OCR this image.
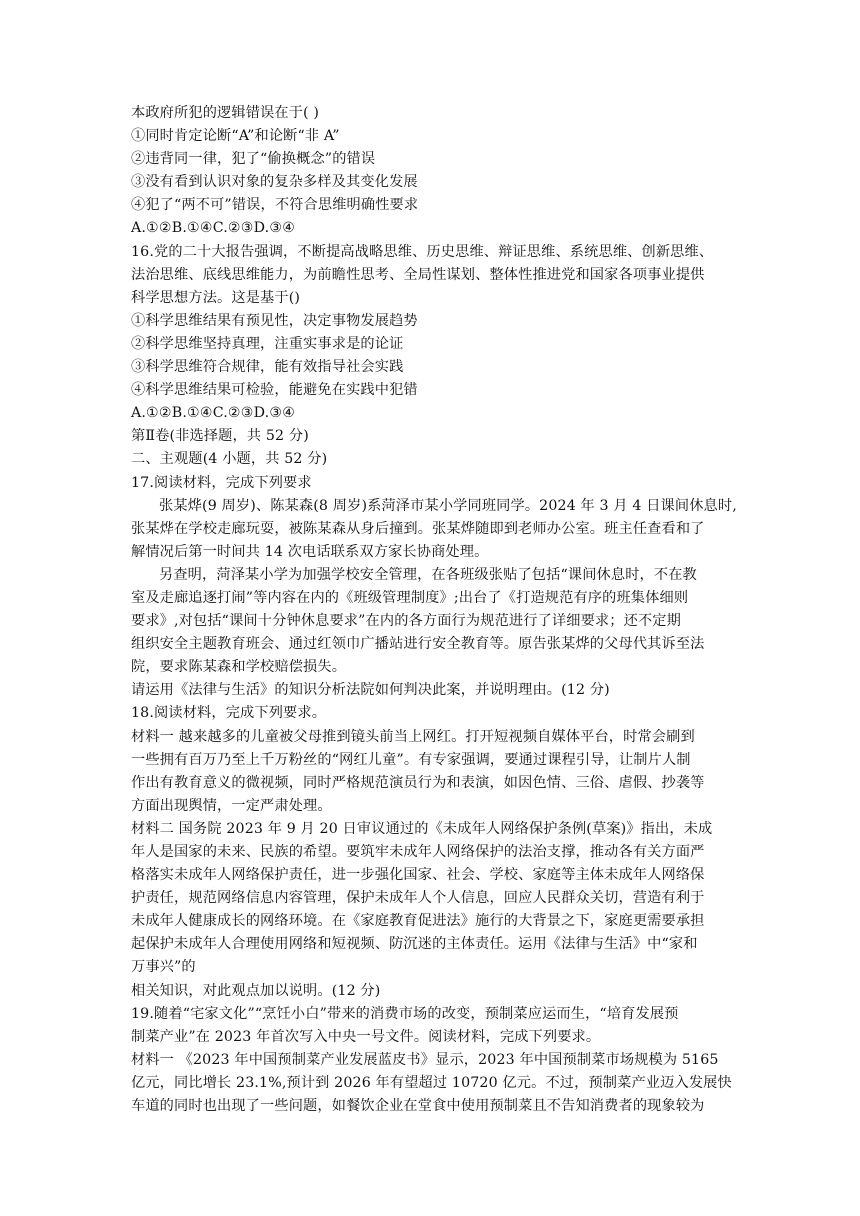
本政府所犯的逻辑错误在于( )
①同时肯定论断“A”和论断“非 A”
②违背同一律，犯了“偷换概念”的错误
③没有看到认识对象的复杂多样及其变化发展
④犯了“两不可”错误，不符合思维明确性要求
A.①②B.①④C.②③D.③④
16.党的二十大报告强调，不断提高战略思维、历史思维、辩证思维、系统思维、创新思维、
法治思维、底线思维能力，为前瞻性思考、全局性谋划、整体性推进党和国家各项事业提供
科学思想方法。这是基于()
①科学思维结果有预见性，决定事物发展趋势
②科学思维坚持真理，注重实事求是的论证
③科学思维符合规律，能有效指导社会实践
④科学思维结果可检验，能避免在实践中犯错
A.①②B.①④C.②③D.③④
第Ⅱ卷(非选择题，共 52 分)
二、主观题(4 小题，共 52 分)
17.阅读材料，完成下列要求
张某烨(9 周岁)、陈某森(8 周岁)系菏泽市某小学同班同学。2024 年 3 月 4 日课间休息时,
张某烨在学校走廊玩耍，被陈某森从身后撞到。张某烨随即到老师办公室。班主任查看和了
解情况后第一时间共 14 次电话联系双方家长协商处理。
另查明，菏泽某小学为加强学校安全管理，在各班级张贴了包括“课间休息时，不在教
室及走廊追逐打闹”等内容在内的《班级管理制度》;出台了《打造规范有序的班集体细则
要求》,对包括“课间十分钟休息要求”在内的各方面行为规范进行了详细要求；还不定期
组织安全主题教育班会、通过红领巾广播站进行安全教育等。原告张某烨的父母代其诉至法
院，要求陈某森和学校赔偿损失。
请运用《法律与生活》的知识分析法院如何判决此案，并说明理由。(12 分)
18.阅读材料，完成下列要求。
材料一 越来越多的儿童被父母推到镜头前当上网红。打开短视频自媒体平台，时常会刷到
一些拥有百万乃至上千万粉丝的“网红儿童”。有专家强调，要通过课程引导，让制片人制
作出有教育意义的微视频，同时严格规范演员行为和表演，如因色情、三俗、虐假、抄袭等
方面出现舆情，一定严肃处理。
材料二 国务院 2023 年 9 月 20 日审议通过的《未成年人网络保护条例(草案)》指出，未成
年人是国家的未来、民族的希望。要筑牢未成年人网络保护的法治支撑，推动各有关方面严
格落实未成年人网络保护责任，进一步强化国家、社会、学校、家庭等主体未成年人网络保
护责任，规范网络信息内容管理，保护未成年人个人信息，回应人民群众关切，营造有利于
未成年人健康成长的网络环境。在《家庭教育促进法》施行的大背景之下，家庭更需要承担
起保护未成年人合理使用网络和短视频、防沉迷的主体责任。运用《法律与生活》中“家和
万事兴”的
相关知识，对此观点加以说明。(12 分)
19.随着“宅家文化”“烹饪小白”带来的消费市场的改变，预制菜应运而生，“培育发展预
制菜产业”在 2023 年首次写入中央一号文件。阅读材料，完成下列要求。
材料一 《2023 年中国预制菜产业发展蓝皮书》显示，2023 年中国预制菜市场规模为 5165
亿元，同比增长 23.1%,预计到 2026 年有望超过 10720 亿元。不过，预制菜产业迈入发展快
车道的同时也出现了一些问题，如餐饮企业在堂食中使用预制菜且不告知消费者的现象较为
